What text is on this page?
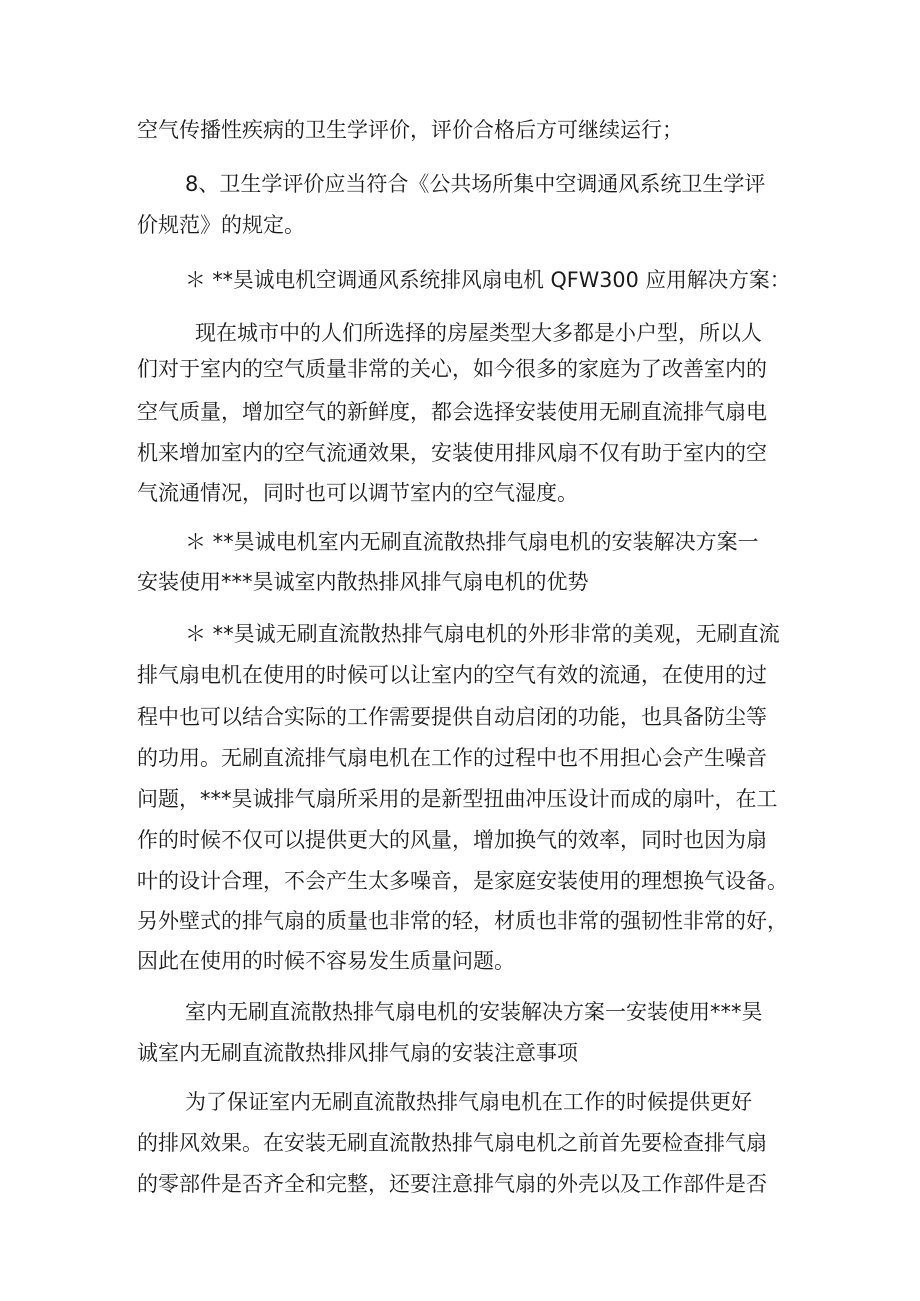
空气传播性疾病的卫生学评价，评价合格后方可继续运行；
8、卫生学评价应当符合《公共场所集中空调通风系统卫生学评
价规范》的规定。
＊ **昊诚电机空调通风系统排风扇电机 QFW300 应用解决方案：
现在城市中的人们所选择的房屋类型大多都是小户型，所以人
们对于室内的空气质量非常的关心，如今很多的家庭为了改善室内的
空气质量，增加空气的新鲜度，都会选择安装使用无刷直流排气扇电
机来增加室内的空气流通效果，安装使用排风扇不仅有助于室内的空
气流通情况，同时也可以调节室内的空气湿度。
＊ **昊诚电机室内无刷直流散热排气扇电机的安装解决方案一
安装使用***昊诚室内散热排风排气扇电机的优势
＊ **昊诚无刷直流散热排气扇电机的外形非常的美观，无刷直流
排气扇电机在使用的时候可以让室内的空气有效的流通，在使用的过
程中也可以结合实际的工作需要提供自动启闭的功能，也具备防尘等
的功用。无刷直流排气扇电机在工作的过程中也不用担心会产生噪音
问题，***昊诚排气扇所采用的是新型扭曲冲压设计而成的扇叶，在工
作的时候不仅可以提供更大的风量，增加换气的效率，同时也因为扇
叶的设计合理，不会产生太多噪音，是家庭安装使用的理想换气设备。
另外壁式的排气扇的质量也非常的轻，材质也非常的强韧性非常的好，
因此在使用的时候不容易发生质量问题。
室内无刷直流散热排气扇电机的安装解决方案一安装使用***昊
诚室内无刷直流散热排风排气扇的安装注意事项
为了保证室内无刷直流散热排气扇电机在工作的时候提供更好
的排风效果。在安装无刷直流散热排气扇电机之前首先要检查排气扇
的零部件是否齐全和完整，还要注意排气扇的外壳以及工作部件是否
